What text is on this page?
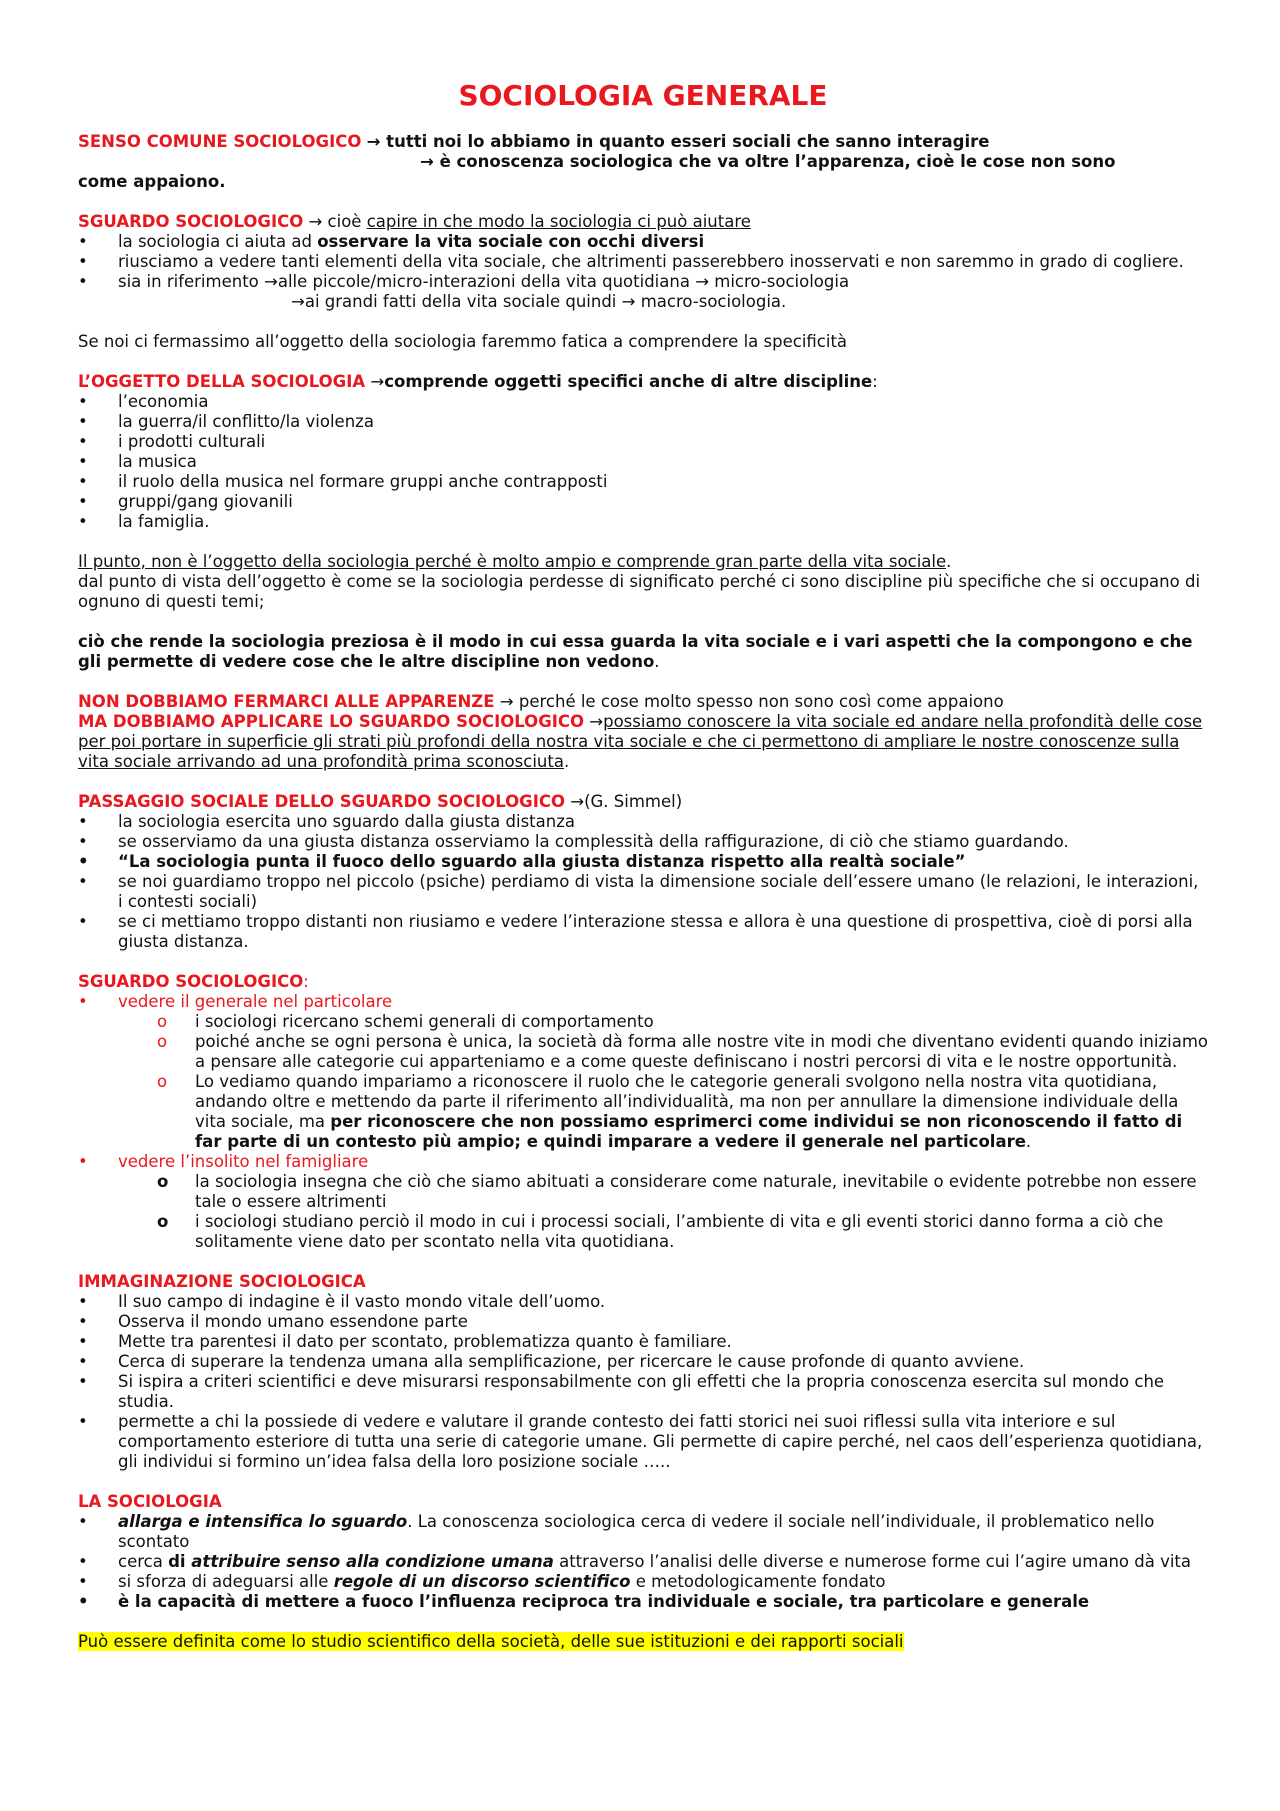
SOCIOLOGIA GENERALE

SENSO COMUNE SOCIOLOGICO → tutti noi lo abbiamo in quanto esseri sociali che sanno interagire

→ è conoscenza sociologica che va oltre l’apparenza, cioè le cose non sono

come appaiono.

SGUARDO SOCIOLOGICO → cioè capire in che modo la sociologia ci può aiutare

• la sociologia ci aiuta ad osservare la vita sociale con occhi diversi
• riusciamo a vedere tanti elementi della vita sociale, che altrimenti passerebbero inosservati e non saremmo in grado di cogliere.
• sia in riferimento →alle piccole/micro-interazioni della vita quotidiana → micro-sociologia

→ai grandi fatti della vita sociale quindi → macro-sociologia.

Se noi ci fermassimo all’oggetto della sociologia faremmo fatica a comprendere la specificità

L’OGGETTO DELLA SOCIOLOGIA →comprende oggetti specifici anche di altre discipline:

• l’economia
• la guerra/il conflitto/la violenza
• i prodotti culturali
• la musica
• il ruolo della musica nel formare gruppi anche contrapposti
• gruppi/gang giovanili
• la famiglia.

Il punto, non è l’oggetto della sociologia perché è molto ampio e comprende gran parte della vita sociale.

dal punto di vista dell’oggetto è come se la sociologia perdesse di significato perché ci sono discipline più specifiche che si occupano di ognuno di questi temi;

ciò che rende la sociologia preziosa è il modo in cui essa guarda la vita sociale e i vari aspetti che la compongono e che gli permette di vedere cose che le altre discipline non vedono.

NON DOBBIAMO FERMARCI ALLE APPARENZE → perché le cose molto spesso non sono così come appaiono

MA DOBBIAMO APPLICARE LO SGUARDO SOCIOLOGICO →possiamo conoscere la vita sociale ed andare nella profondità delle cose per poi portare in superficie gli strati più profondi della nostra vita sociale e che ci permettono di ampliare le nostre conoscenze sulla vita sociale arrivando ad una profondità prima sconosciuta.

PASSAGGIO SOCIALE DELLO SGUARDO SOCIOLOGICO →(G. Simmel)

• la sociologia esercita uno sguardo dalla giusta distanza
• se osserviamo da una giusta distanza osserviamo la complessità della raffigurazione, di ciò che stiamo guardando.
• “La sociologia punta il fuoco dello sguardo alla giusta distanza rispetto alla realtà sociale”
• se noi guardiamo troppo nel piccolo (psiche) perdiamo di vista la dimensione sociale dell’essere umano (le relazioni, le interazioni, i contesti sociali)
• se ci mettiamo troppo distanti non riusiamo e vedere l’interazione stessa e allora è una questione di prospettiva, cioè di porsi alla giusta distanza.

SGUARDO SOCIOLOGICO:

• vedere il generale nel particolare
o i sociologi ricercano schemi generali di comportamento
o poiché anche se ogni persona è unica, la società dà forma alle nostre vite in modi che diventano evidenti quando iniziamo a pensare alle categorie cui apparteniamo e a come queste definiscano i nostri percorsi di vita e le nostre opportunità.
o Lo vediamo quando impariamo a riconoscere il ruolo che le categorie generali svolgono nella nostra vita quotidiana, andando oltre e mettendo da parte il riferimento all’individualità, ma non per annullare la dimensione individuale della vita sociale, ma per riconoscere che non possiamo esprimerci come individui se non riconoscendo il fatto di far parte di un contesto più ampio; e quindi imparare a vedere il generale nel particolare.
• vedere l’insolito nel famigliare
o la sociologia insegna che ciò che siamo abituati a considerare come naturale, inevitabile o evidente potrebbe non essere tale o essere altrimenti
o i sociologi studiano perciò il modo in cui i processi sociali, l’ambiente di vita e gli eventi storici danno forma a ciò che solitamente viene dato per scontato nella vita quotidiana.

IMMAGINAZIONE SOCIOLOGICA

• Il suo campo di indagine è il vasto mondo vitale dell’uomo.
• Osserva il mondo umano essendone parte
• Mette tra parentesi il dato per scontato, problematizza quanto è familiare.
• Cerca di superare la tendenza umana alla semplificazione, per ricercare le cause profonde di quanto avviene.
• Si ispira a criteri scientifici e deve misurarsi responsabilmente con gli effetti che la propria conoscenza esercita sul mondo che studia.
• permette a chi la possiede di vedere e valutare il grande contesto dei fatti storici nei suoi riflessi sulla vita interiore e sul comportamento esteriore di tutta una serie di categorie umane. Gli permette di capire perché, nel caos dell’esperienza quotidiana, gli individui si formino un’idea falsa della loro posizione sociale …..

LA SOCIOLOGIA

• allarga e intensifica lo sguardo. La conoscenza sociologica cerca di vedere il sociale nell’individuale, il problematico nello scontato
• cerca di attribuire senso alla condizione umana attraverso l’analisi delle diverse e numerose forme cui l’agire umano dà vita
• si sforza di adeguarsi alle regole di un discorso scientifico e metodologicamente fondato
• è la capacità di mettere a fuoco l’influenza reciproca tra individuale e sociale, tra particolare e generale

Può essere definita come lo studio scientifico della società, delle sue istituzioni e dei rapporti sociali
